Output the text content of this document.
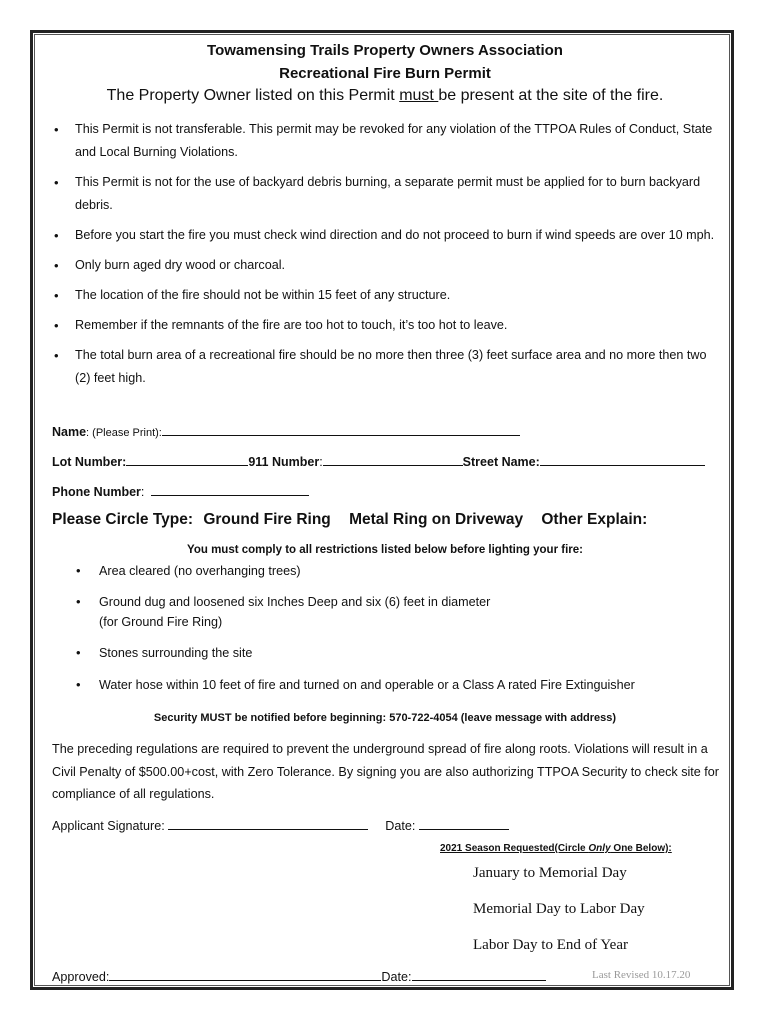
Towamensing Trails Property Owners Association
Recreational Fire Burn Permit
The Property Owner listed on this Permit must be present at the site of the fire.
• This Permit is not transferable. This permit may be revoked for any violation of the TTPOA Rules of Conduct, State and Local Burning Violations.
• This Permit is not for the use of backyard debris burning, a separate permit must be applied for to burn backyard debris.
• Before you start the fire you must check wind direction and do not proceed to burn if wind speeds are over 10 mph.
• Only burn aged dry wood or charcoal.
• The location of the fire should not be within 15 feet of any structure.
• Remember if the remnants of the fire are too hot to touch, it’s too hot to leave.
• The total burn area of a recreational fire should be no more then three (3) feet surface area and no more then two (2) feet high.
Name: (Please Print):
Lot Number:	911 Number:	Street Name:
Phone Number:
Please Circle Type: Ground Fire Ring Metal Ring on Driveway Other Explain:
You must comply to all restrictions listed below before lighting your fire:
• Area cleared (no overhanging trees)
• Ground dug and loosened six Inches Deep and six (6) feet in diameter
(for Ground Fire Ring)
• Stones surrounding the site
• Water hose within 10 feet of fire and turned on and operable or a Class A rated Fire Extinguisher
Security MUST be notified before beginning: 570-722-4054 (leave message with address)
The preceding regulations are required to prevent the underground spread of fire along roots. Violations will result in a Civil Penalty of $500.00+cost, with Zero Tolerance. By signing you are also authorizing TTPOA Security to check site for compliance of all regulations.
Applicant Signature:	Date:
2021 Season Requested(Circle Only One Below):
January to Memorial Day
Memorial Day to Labor Day
Labor Day to End of Year
Approved:	Date:	Last Revised 10.17.20
